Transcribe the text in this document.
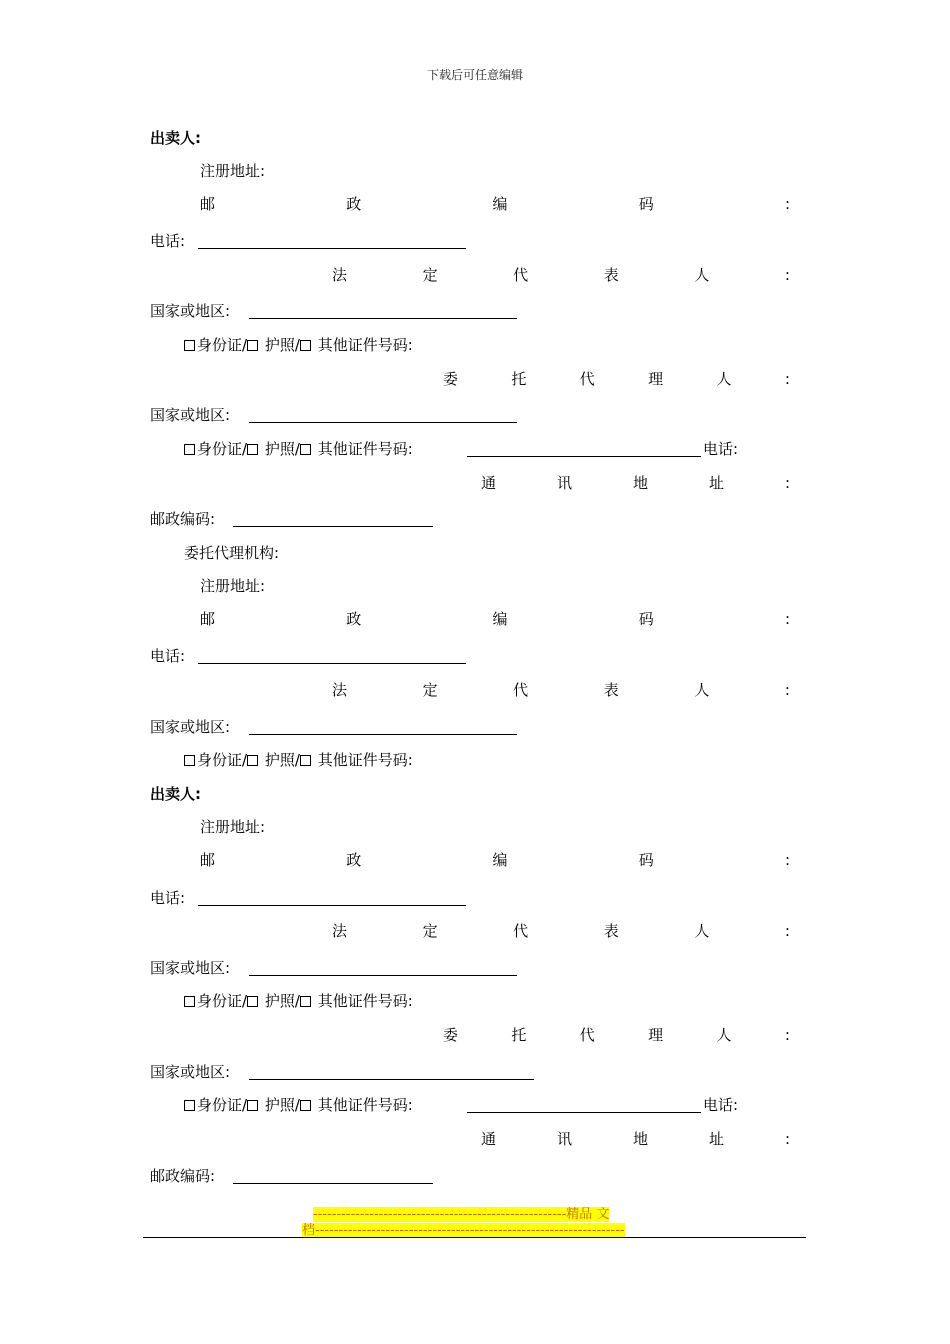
下载后可任意编辑
出卖人:
注册地址:
邮	政	编	码	:
电话:
法	定	代	表	人	:
国家或地区:
身份证/ 护照/ 其他证件号码:
委	托	代	理	人	:
国家或地区:
身份证/ 护照/ 其他证件号码:	电话:
通	讯	地	址	:
邮政编码:
委托代理机构:
注册地址:
邮	政	编	码	:
电话:
法	定	代	表	人	:
国家或地区:
身份证/ 护照/ 其他证件号码:
出卖人:
注册地址:
邮	政	编	码	:
电话:
法	定	代	表	人	:
国家或地区:
身份证/ 护照/ 其他证件号码:
委	托	代	理	人	:
国家或地区:
身份证/ 护照/ 其他证件号码:	电话:
通	讯	地	址	:
邮政编码:
------------------------------------------------------精品 文
档------------------------------------------------------------------
